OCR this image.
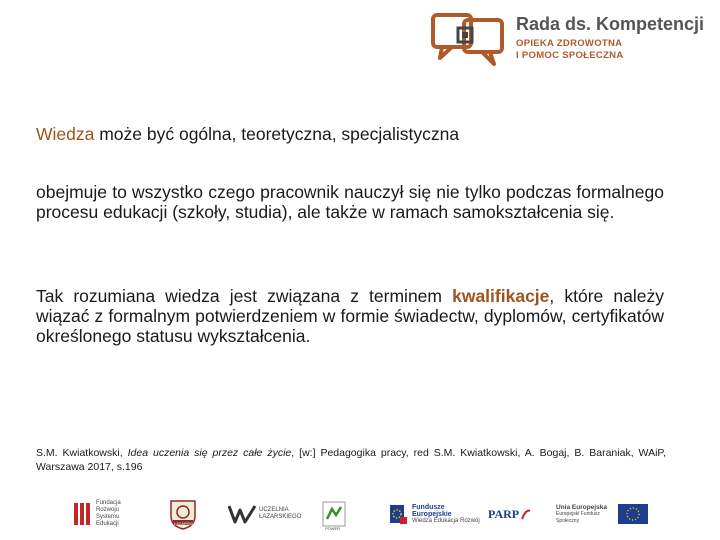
Rada ds. Kompetencji
OPIEKA ZDROWOTNA
I POMOC SPOŁECZNA
Wiedza może być ogólna, teoretyczna, specjalistyczna
obejmuje to wszystko czego pracownik nauczył się nie tylko podczas formalnego procesu edukacji (szkoły, studia), ale także w ramach samokształcenia się.
Tak rozumiana wiedza jest związana z terminem kwalifikacje, które należy wiązać z formalnym potwierdzeniem w formie świadectw, dyplomów, certyfikatów określonego statusu wykształcenia.
S.M. Kwiatkowski, Idea uczenia się przez całe życie, [w:] Pedagogika pracy, red S.M. Kwiatkowski, A. Bogaj, B. Baraniak, WAiP, Warszawa 2017, s.196
Fundacja Rozwoju Systemu Edukacji	ŁAZARSKI
UCZELNIA
ŁAZARSKIEGO
POWER
Fundusze
Europejskie
Wiedza Edukacja Rozwój PARP	Unia Europejska
Europejski Fundusz Społeczny
